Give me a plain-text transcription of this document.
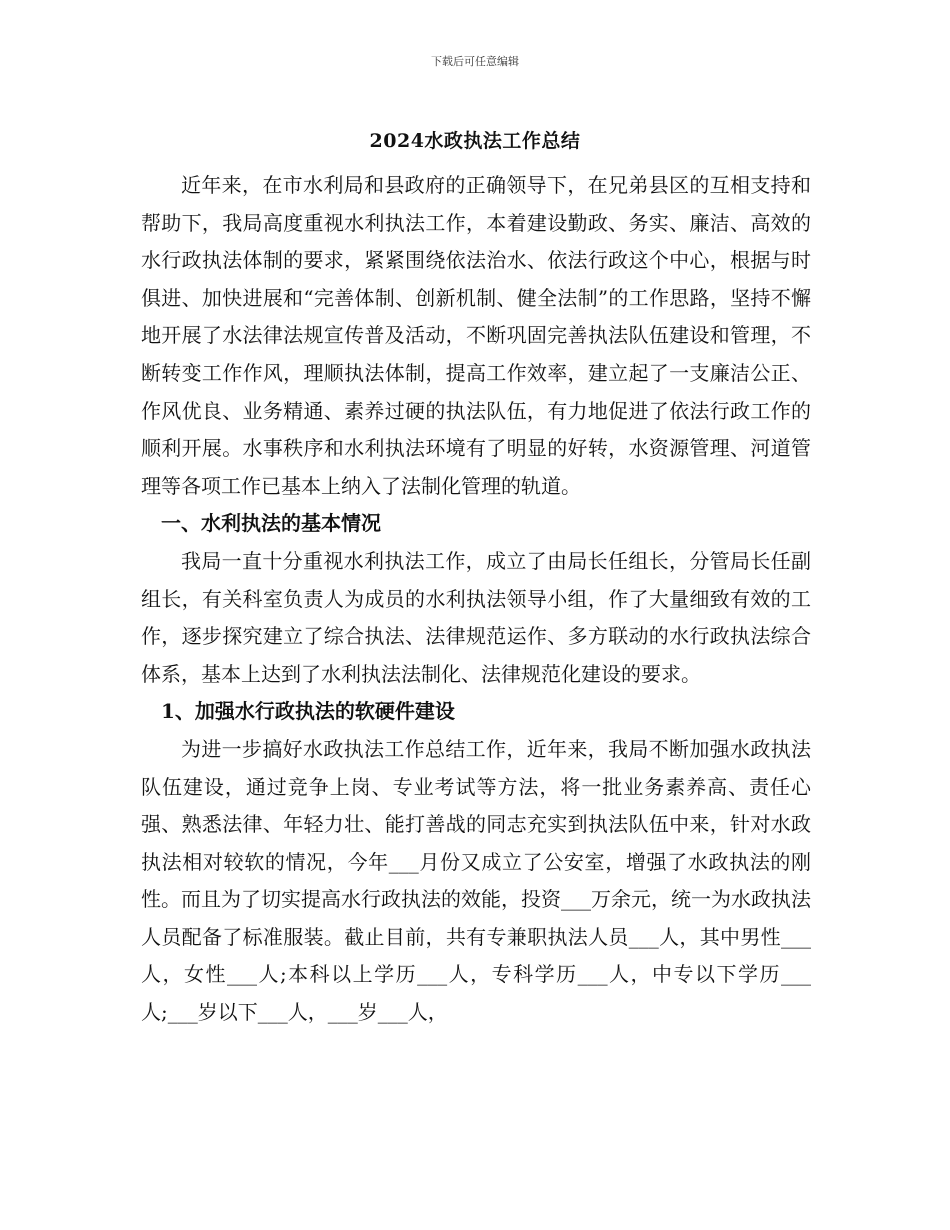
下载后可任意编辑
2024水政执法工作总结

近年来，在市水利局和县政府的正确领导下，在兄弟县区的互相支持和帮助下，我局高度重视水利执法工作，本着建设勤政、务实、廉洁、高效的水行政执法体制的要求，紧紧围绕依法治水、依法行政这个中心，根据与时俱进、加快进展和“完善体制、创新机制、健全法制”的工作思路，坚持不懈地开展了水法律法规宣传普及活动，不断巩固完善执法队伍建设和管理，不断转变工作作风，理顺执法体制，提高工作效率，建立起了一支廉洁公正、作风优良、业务精通、素养过硬的执法队伍，有力地促进了依法行政工作的顺利开展。水事秩序和水利执法环境有了明显的好转，水资源管理、河道管理等各项工作已基本上纳入了法制化管理的轨道。

一、水利执法的基本情况

我局一直十分重视水利执法工作，成立了由局长任组长，分管局长任副组长，有关科室负责人为成员的水利执法领导小组，作了大量细致有效的工作，逐步探究建立了综合执法、法律规范运作、多方联动的水行政执法综合体系，基本上达到了水利执法法制化、法律规范化建设的要求。

1、加强水行政执法的软硬件建设

为进一步搞好水政执法工作总结工作，近年来，我局不断加强水政执法队伍建设，通过竞争上岗、专业考试等方法，将一批业务素养高、责任心强、熟悉法律、年轻力壮、能打善战的同志充实到执法队伍中来，针对水政执法相对较软的情况，今年___月份又成立了公安室，增强了水政执法的刚性。而且为了切实提高水行政执法的效能，投资___万余元，统一为水政执法人员配备了标准服装。截止目前，共有专兼职执法人员___人，其中男性___人，女性___人;本科以上学历___人，专科学历___人，中专以下学历___人;___岁以下___人，___岁___人，
